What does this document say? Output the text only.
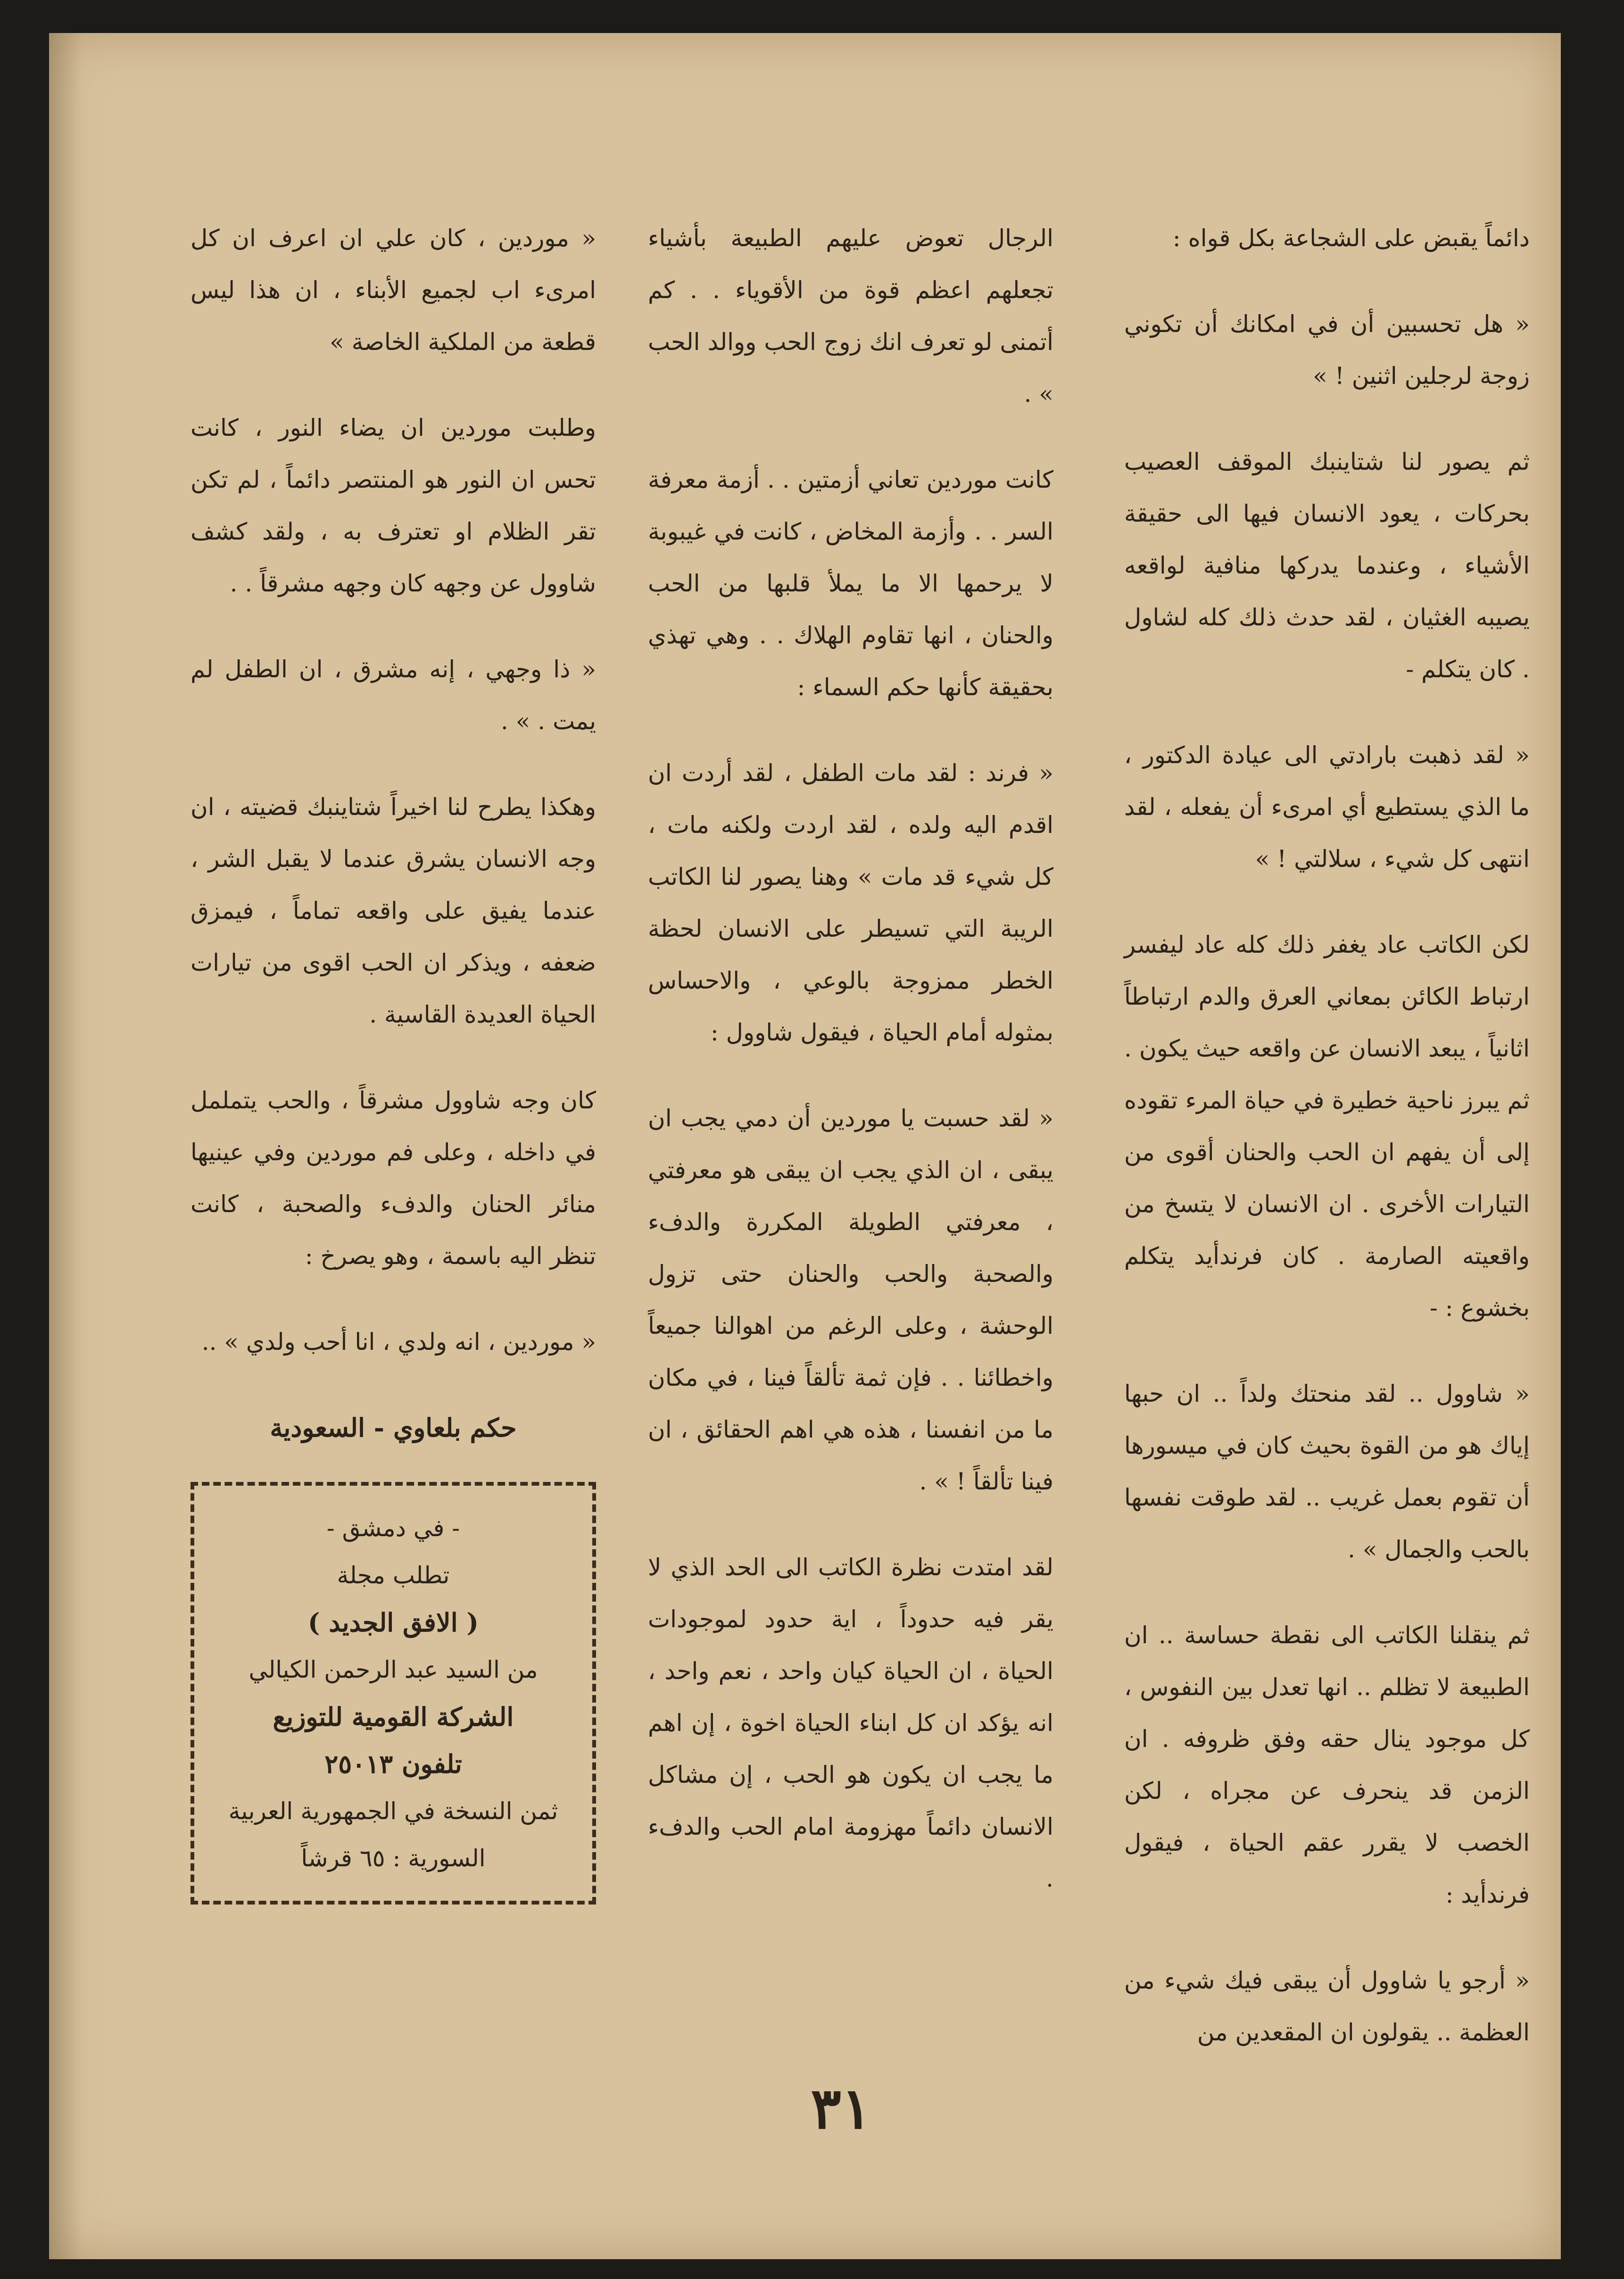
دائماً يقبض على الشجاعة بكل قواه :

« هل تحسبين أن في امكانك أن تكوني زوجة لرجلين اثنين ! »

ثم يصور لنا شتاينبك الموقف العصيب بحركات ، يعود الانسان فيها الى حقيقة الأشياء ، وعندما يدركها منافية لواقعه يصيبه الغثيان ، لقد حدث ذلك كله لشاول . كان يتكلم -

« لقد ذهبت بارادتي الى عيادة الدكتور ، ما الذي يستطيع أي امرىء أن يفعله ، لقد انتهى كل شيء ، سلالتي ! »

لكن الكاتب عاد يغفر ذلك كله عاد ليفسر ارتباط الكائن بمعاني العرق والدم ارتباطاً اثانياً ، يبعد الانسان عن واقعه حيث يكون . ثم يبرز ناحية خطيرة في حياة المرء تقوده إلى أن يفهم ان الحب والحنان أقوى من التيارات الأخرى . ان الانسان لا يتسخ من واقعيته الصارمة . كان فرندأيد يتكلم بخشوع : -

« شاوول .. لقد منحتك ولداً .. ان حبها إياك هو من القوة بحيث كان في ميسورها أن تقوم بعمل غريب .. لقد طوقت نفسها بالحب والجمال » .

ثم ينقلنا الكاتب الى نقطة حساسة .. ان الطبيعة لا تظلم .. انها تعدل بين النفوس ، كل موجود ينال حقه وفق ظروفه . ان الزمن قد ينحرف عن مجراه ، لكن الخصب لا يقرر عقم الحياة ، فيقول فرندأيد :

« أرجو يا شاوول أن يبقى فيك شيء من العظمة .. يقولون ان المقعدين من

الرجال تعوض عليهم الطبيعة بأشياء تجعلهم اعظم قوة من الأقوياء . . كم أتمنى لو تعرف انك زوج الحب ووالد الحب » .

كانت موردين تعاني أزمتين . . أزمة معرفة السر . . وأزمة المخاض ، كانت في غيبوبة لا يرحمها الا ما يملأ قلبها من الحب والحنان ، انها تقاوم الهلاك . . وهي تهذي بحقيقة كأنها حكم السماء :

« فرند : لقد مات الطفل ، لقد أردت ان اقدم اليه ولده ، لقد اردت ولكنه مات ، كل شيء قد مات » وهنا يصور لنا الكاتب الريبة التي تسيطر على الانسان لحظة الخطر ممزوجة بالوعي ، والاحساس بمثوله أمام الحياة ، فيقول شاوول :

« لقد حسبت يا موردين أن دمي يجب ان يبقى ، ان الذي يجب ان يبقى هو معرفتي ، معرفتي الطويلة المكررة والدفء والصحبة والحب والحنان حتى تزول الوحشة ، وعلى الرغم من اهوالنا جميعاً واخطائنا . . فإن ثمة تألقاً فينا ، في مكان ما من انفسنا ، هذه هي اهم الحقائق ، ان فينا تألقاً ! » .

لقد امتدت نظرة الكاتب الى الحد الذي لا يقر فيه حدوداً ، اية حدود لموجودات الحياة ، ان الحياة كيان واحد ، نعم واحد ، انه يؤكد ان كل ابناء الحياة اخوة ، إن اهم ما يجب ان يكون هو الحب ، إن مشاكل الانسان دائماً مهزومة امام الحب والدفء .

« موردين ، كان علي ان اعرف ان كل امرىء اب لجميع الأبناء ، ان هذا ليس قطعة من الملكية الخاصة »

وطلبت موردين ان يضاء النور ، كانت تحس ان النور هو المنتصر دائماً ، لم تكن تقر الظلام او تعترف به ، ولقد كشف شاوول عن وجهه كان وجهه مشرقاً . .

« ذا وجهي ، إنه مشرق ، ان الطفل لم يمت . » .

وهكذا يطرح لنا اخيراً شتاينبك قضيته ، ان وجه الانسان يشرق عندما لا يقبل الشر ، عندما يفيق على واقعه تماماً ، فيمزق ضعفه ، ويذكر ان الحب اقوى من تيارات الحياة العديدة القاسية .

كان وجه شاوول مشرقاً ، والحب يتململ في داخله ، وعلى فم موردين وفي عينيها منائر الحنان والدفء والصحبة ، كانت تنظر اليه باسمة ، وهو يصرخ :

« موردين ، انه ولدي ، انا أحب ولدي » ..

حكم بلعاوي - السعودية
- في دمشق -
تطلب مجلة
( الافق الجديد )
من السيد عبد الرحمن الكيالي
الشركة القومية للتوزيع
تلفون ٢٥٠١٣
ثمن النسخة في الجمهورية العربية
السورية : ٦٥ قرشاً
٣١
